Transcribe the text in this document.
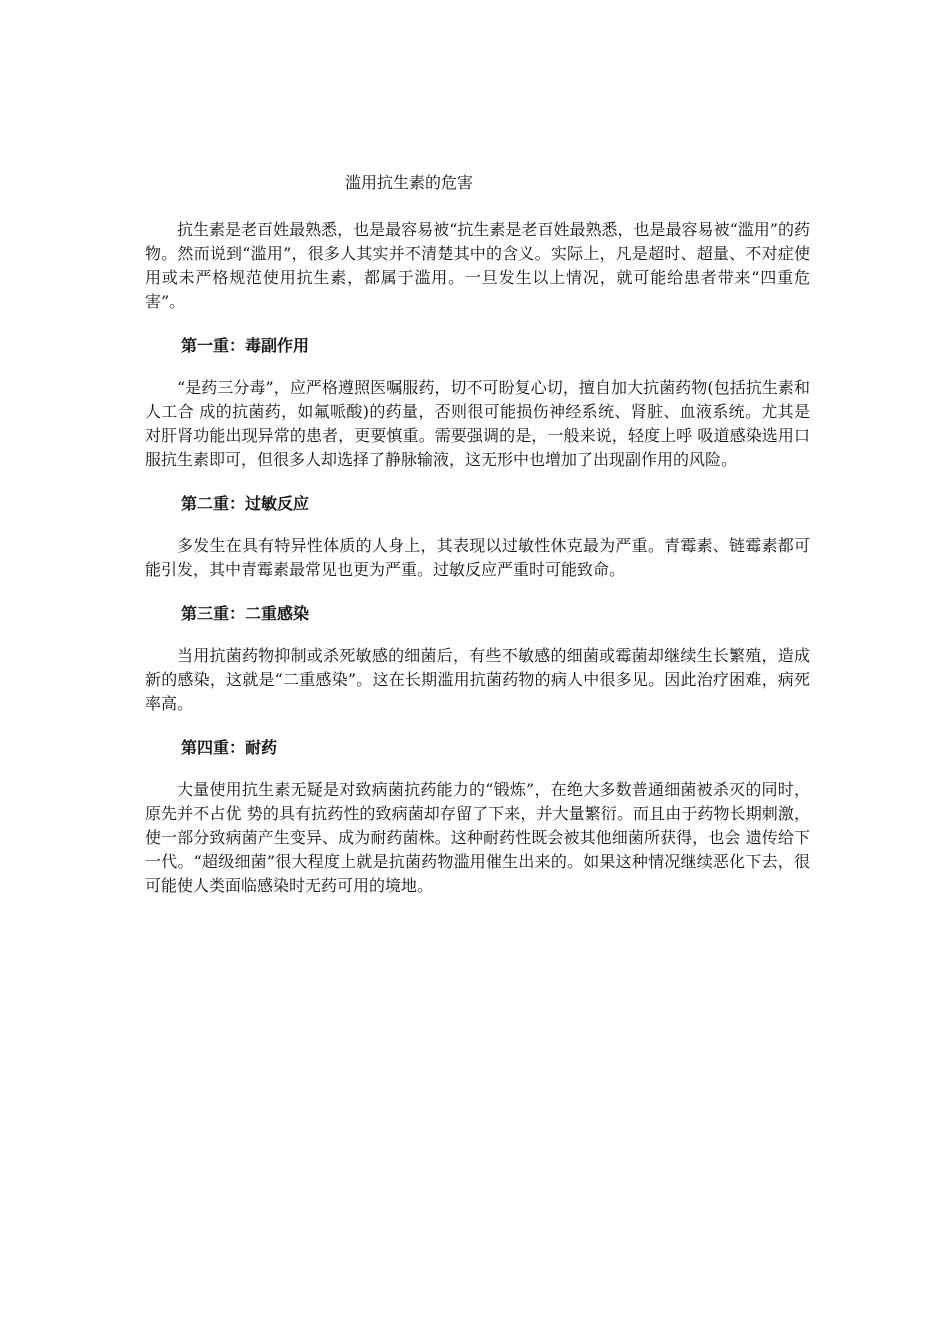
滥用抗生素的危害

抗生素是老百姓最熟悉，也是最容易被“抗生素是老百姓最熟悉，也是最容易被“滥用”的药物。然而说到“滥用”，很多人其实并不清楚其中的含义。实际上，凡是超时、超量、不对症使用或未严格规范使用抗生素，都属于滥用。一旦发生以上情况，就可能给患者带来“四重危害”。

第一重：毒副作用

“是药三分毒”，应严格遵照医嘱服药，切不可盼复心切，擅自加大抗菌药物(包括抗生素和人工合 成的抗菌药，如氟哌酸)的药量，否则很可能损伤神经系统、肾脏、血液系统。尤其是对肝肾功能出现异常的患者，更要慎重。需要强调的是，一般来说，轻度上呼 吸道感染选用口服抗生素即可，但很多人却选择了静脉输液，这无形中也增加了出现副作用的风险。

第二重：过敏反应

多发生在具有特异性体质的人身上，其表现以过敏性休克最为严重。青霉素、链霉素都可能引发，其中青霉素最常见也更为严重。过敏反应严重时可能致命。

第三重：二重感染

当用抗菌药物抑制或杀死敏感的细菌后，有些不敏感的细菌或霉菌却继续生长繁殖，造成新的感染，这就是“二重感染”。这在长期滥用抗菌药物的病人中很多见。因此治疗困难，病死率高。

第四重：耐药

大量使用抗生素无疑是对致病菌抗药能力的“锻炼”，在绝大多数普通细菌被杀灭的同时，原先并不占优 势的具有抗药性的致病菌却存留了下来，并大量繁衍。而且由于药物长期刺激，使一部分致病菌产生变异、成为耐药菌株。这种耐药性既会被其他细菌所获得，也会 遗传给下一代。“超级细菌”很大程度上就是抗菌药物滥用催生出来的。如果这种情况继续恶化下去，很可能使人类面临感染时无药可用的境地。
